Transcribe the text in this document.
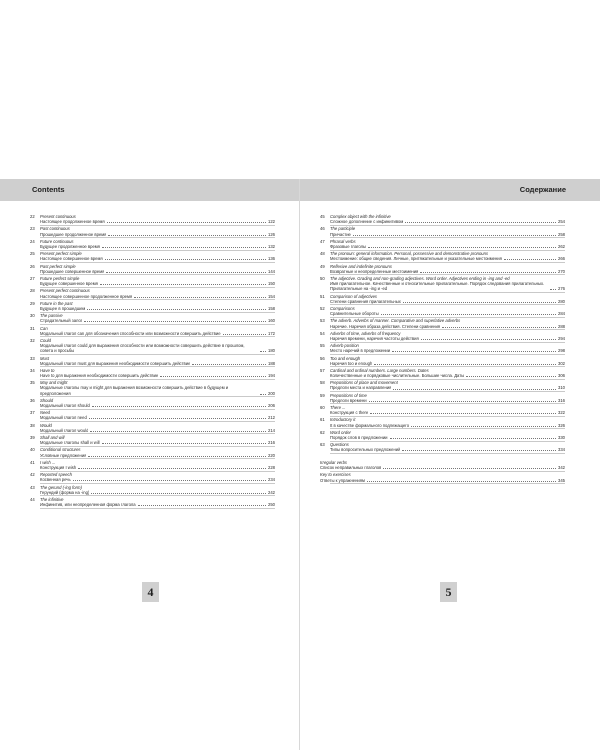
Contents	Содержание
22	Present continuous
Настоящее продолженное время	122
23	Past continuous
Прошедшее продолженное время	126
24	Future continuous
Будущее продолженное время	132
25	Present perfect simple
Настоящее совершенное время	136
26	Past perfect simple
Прошедшее совершенное время	144
27	Future perfect simple
Будущее совершенное время	150
28	Present perfect continuous
Настоящее совершенное продолженное время	154
29	Future in the past
Будущее в прошедшем	158
30	The passive
Страдательный залог	160
31	Can
Модальный глагол can для обозначения способности или возможности совершить действие	172
32	Could
Модальный глагол could для выражения способности или возможности совершить действие в прошлом, совета и просьбы	180
33	Must
Модальный глагол must для выражения необходимости совершить действие	188
34	Have to
Have to для выражения необходимости совершить действие	194
35	May and might
Модальные глаголы may и might для выражения возможности совершить действие в будущем и предположения	200
36	Should
Модальный глагол should	206
37	Need
Модальный глагол need	212
38	Would
Модальный глагол would	214
39	Shall and will
Модальные глаголы shall и will	216
40	Conditional structures
Условные предложения	220
41	I wish ...
Конструкция I wish	228
42	Reported speech
Косвенная речь	234
43	The gerund (-ing form)
Герундий (форма на -ing)	242
44	The infinitive
Инфинитив, или неопределенная форма глагола	250
45	Complex object with the infinitive
Сложное дополнение с инфинитивом	254
46	The participle
Причастие	258
47	Phrasal verbs
Фразовые глаголы	262
48	The pronoun: general information. Personal, possessive and demonstrative pronouns
Местоимение: общие сведения. Личные, притяжательные и указательные местоимения	266
49	Reflexive and indefinite pronouns
Возвратные и неопределенные местоимения	270
50	The adjective. Grading and non-grading adjectives. Word order. Adjectives ending in -ing and -ed
Имя прилагательное. Качественные и относительные прилагательные. Порядок следования прилагательных. Прилагательные на -ing и -ed	276
51	Comparison of adjectives
Степени сравнения прилагательных	280
52	Comparisons
Сравнительные обороты	284
53	The adverb. Adverbs of manner. Comparative and superlative adverbs
Наречие. Наречия образа действия. Степени сравнения	288
54	Adverbs of time, adverbs of frequency
Наречия времени, наречия частоты действия	294
55	Adverb position
Место наречий в предложении	298
56	Too and enough
Наречия too и enough	302
57	Cardinal and ordinal numbers. Large numbers. Dates
Количественные и порядковые числительные. Большие числа. Даты	306
58	Prepositions of place and movement
Предлоги места и направления	310
59	Prepositions of time
Предлоги времени	316
60	There ...
Конструкция с there	322
61	Introductory it
It в качестве формального подлежащего	326
62	Word order
Порядок слов в предложении	330
63	Questions
Типы вопросительных предложений	334
Irregular verbs
Список неправильных глаголов	342
Key to exercises
Ответы к упражнениям	345
4	5
